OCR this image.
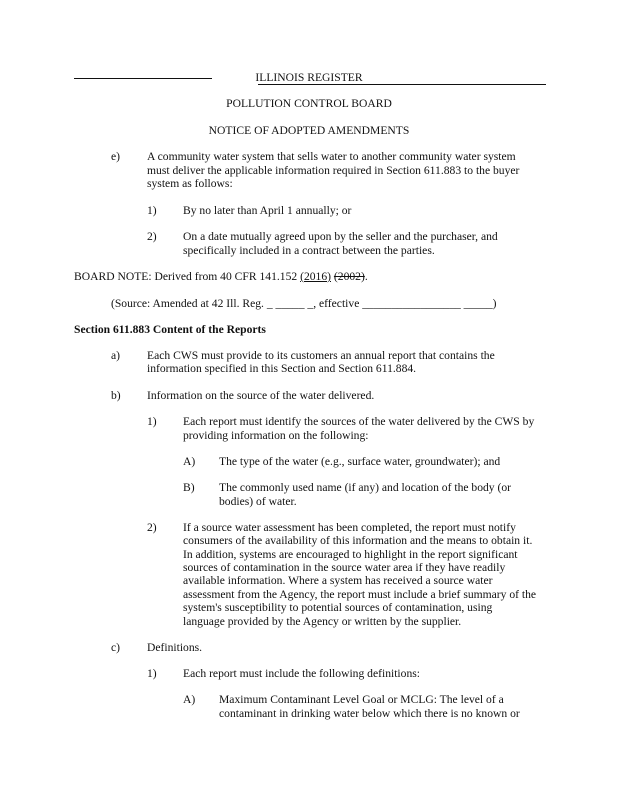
ILLINOIS REGISTER
POLLUTION CONTROL BOARD
NOTICE OF ADOPTED AMENDMENTS
e) A community water system that sells water to another community water system
must deliver the applicable information required in Section 611.883 to the buyer
system as follows:
1) By no later than April 1 annually; or
2) On a date mutually agreed upon by the seller and the purchaser, and
specifically included in a contract between the parties.
BOARD NOTE: Derived from 40 CFR 141.152 (2016) (2002).
(Source: Amended at 42 Ill. Reg. _ _____ _, effective _________________ _____)
Section 611.883 Content of the Reports
a) Each CWS must provide to its customers an annual report that contains the
information specified in this Section and Section 611.884.
b) Information on the source of the water delivered.
1) Each report must identify the sources of the water delivered by the CWS by
providing information on the following:
A) The type of the water (e.g., surface water, groundwater); and
B) The commonly used name (if any) and location of the body (or
bodies) of water.
2) If a source water assessment has been completed, the report must notify
consumers of the availability of this information and the means to obtain it.
In addition, systems are encouraged to highlight in the report significant
sources of contamination in the source water area if they have readily
available information. Where a system has received a source water
assessment from the Agency, the report must include a brief summary of the
system's susceptibility to potential sources of contamination, using
language provided by the Agency or written by the supplier.
c) Definitions.
1) Each report must include the following definitions:
A) Maximum Contaminant Level Goal or MCLG: The level of a
contaminant in drinking water below which there is no known or
